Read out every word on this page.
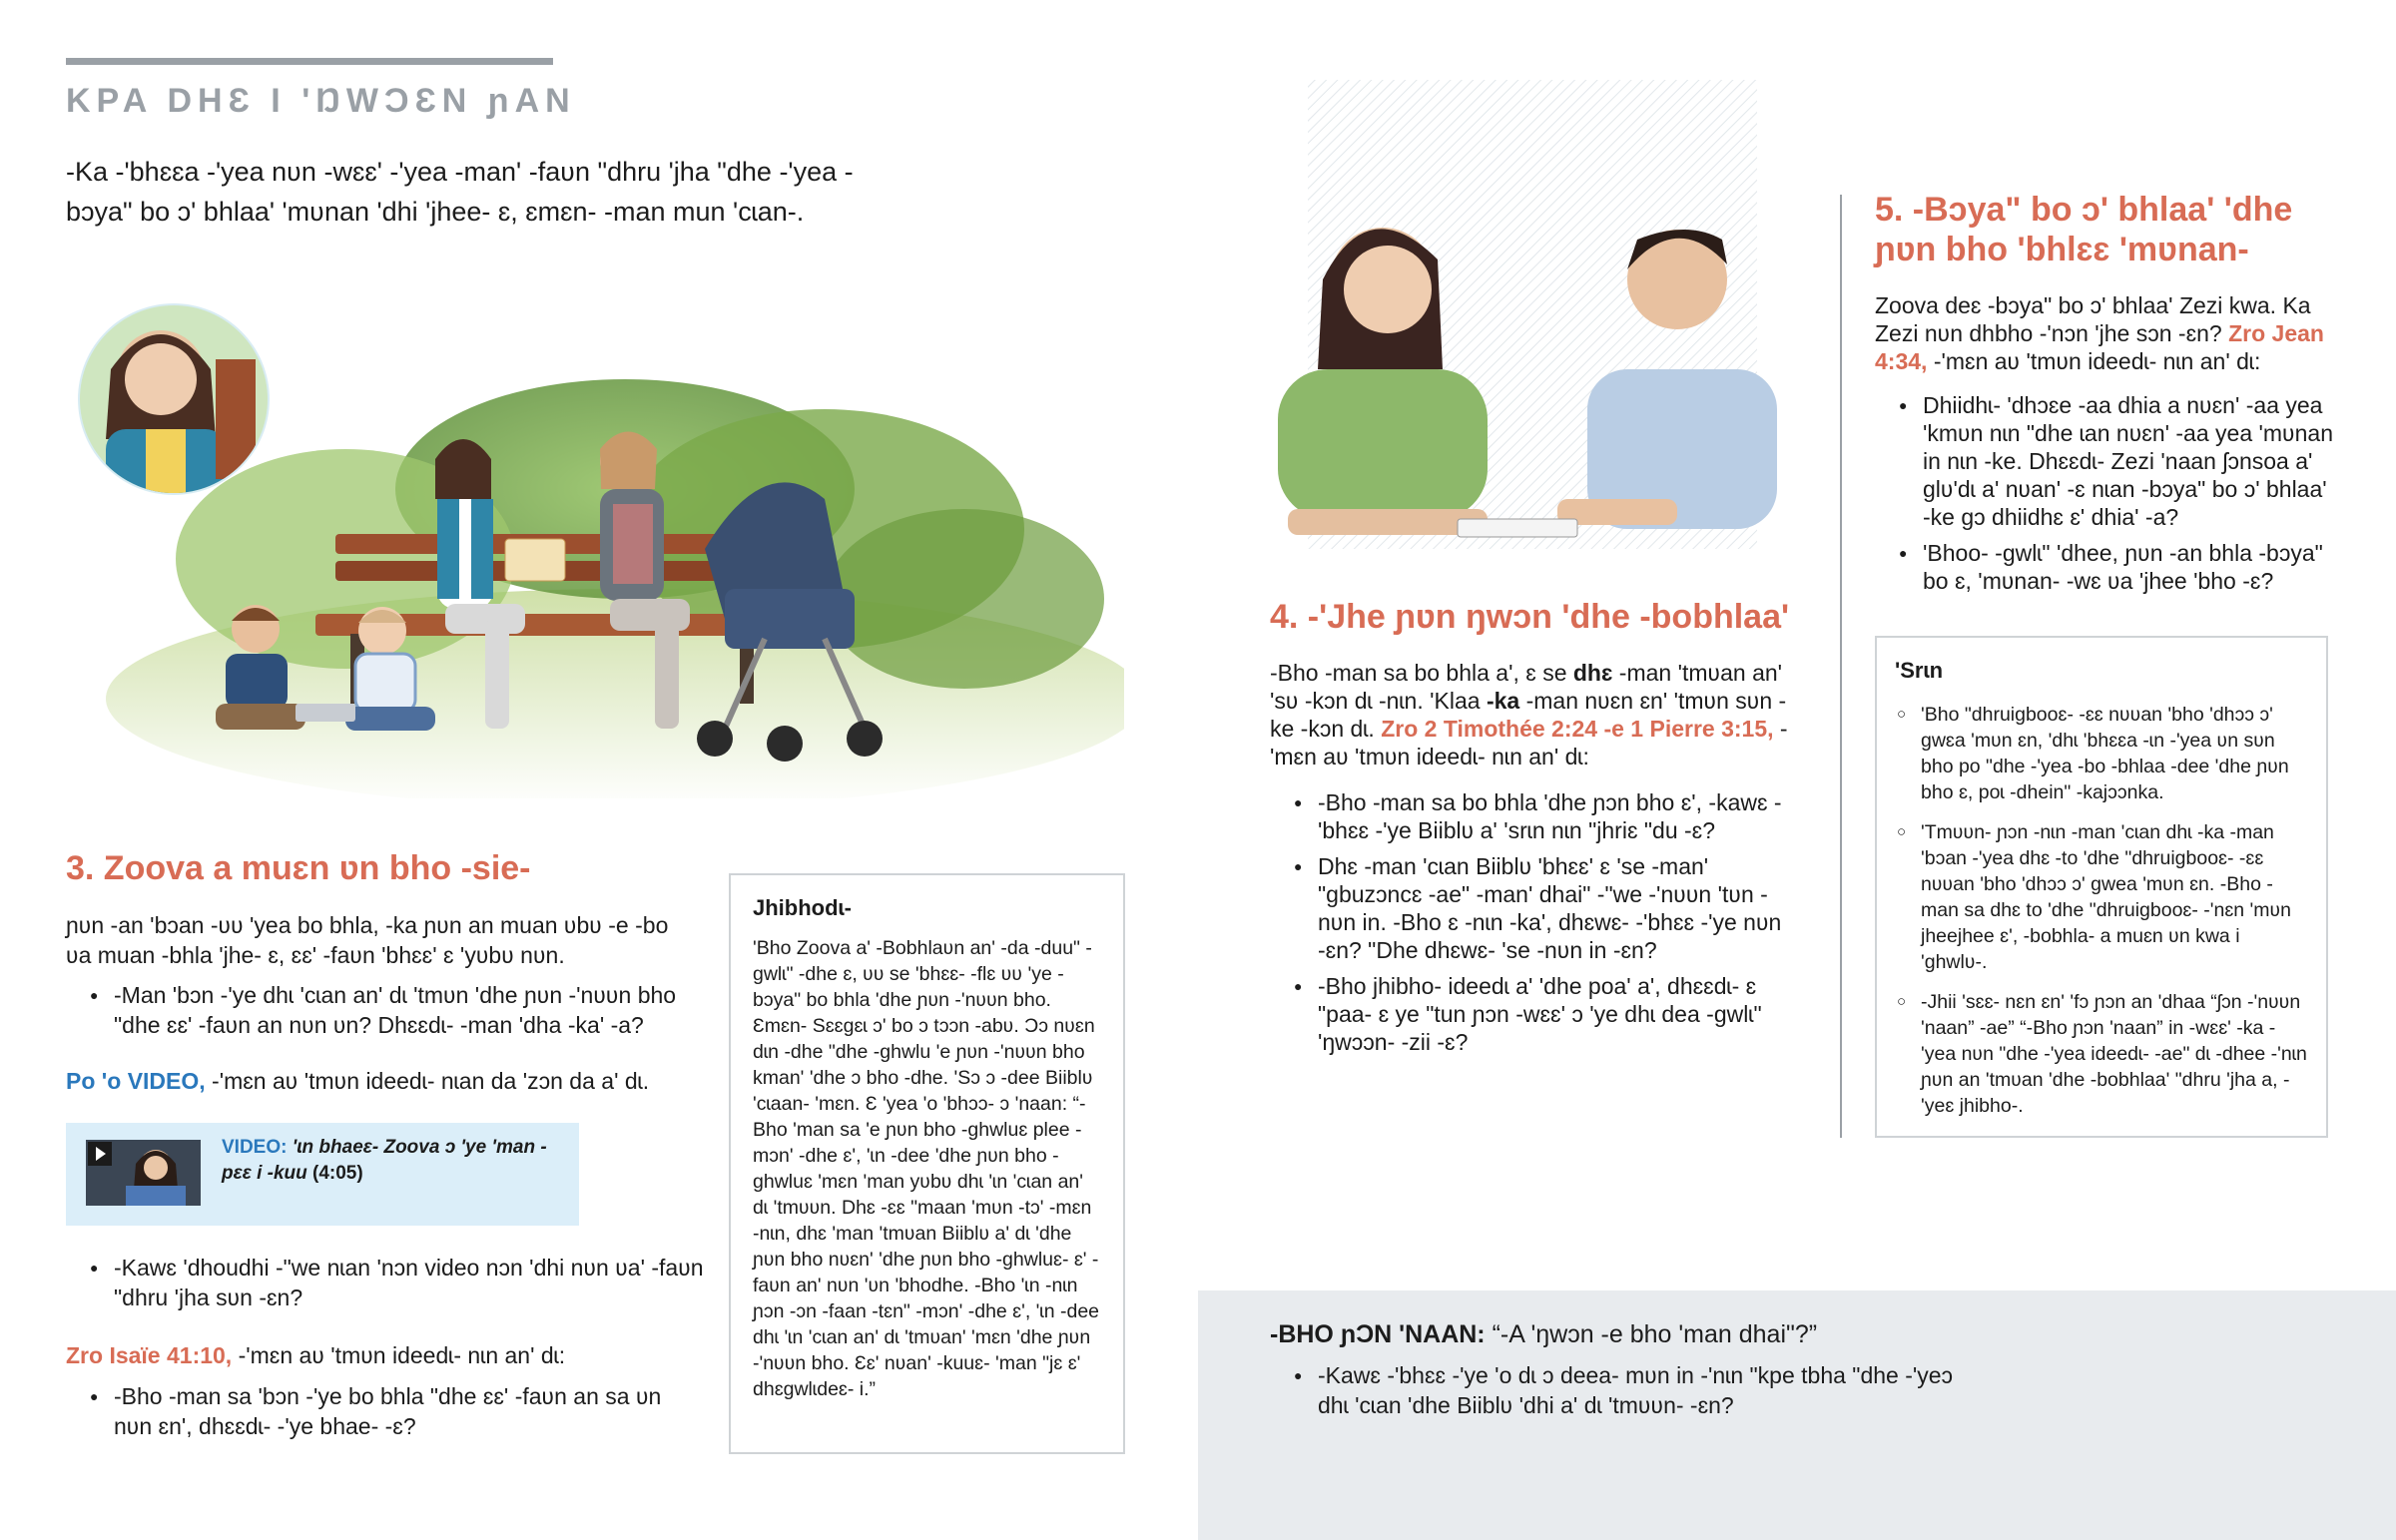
KPA DHƐ I 'ŊWƆƐN ɲAN
-Ka -'bhɛɛa -'yea nʋn -wɛɛ' -'yea -man' -faʋn "dhru 'jha "dhe -'yea -bɔya" bo ɔ' bhlaa' 'mʋnan 'dhi 'jhee- ɛ, ɛmɛn- -man mun 'cɩan-.
3. Zoova a muɛn ʋn bho -sie-
ɲʋn -an 'bɔan -ʋʋ 'yea bo bhla, -ka ɲʋn an muan ʋbʋ -e -bo ʋa muan -bhla 'jhe- ɛ, ɛɛ' -faʋn 'bhɛɛ' ɛ 'yʋbʋ nʋn.
● -Man 'bɔn -'ye dhɩ 'cɩan an' dɩ 'tmʋn 'dhe ɲʋn -'nʋʋn bho "dhe ɛɛ' -faʋn an nʋn ʋn? Dhɛɛdɩ- -man 'dha -ka' -a?
Po 'o VIDEO, -'mɛn aʋ 'tmʋn ideedɩ- nɩan da 'zɔn da a' dɩ.
VIDEO: 'ɩn bhaeɛ- Zoova ɔ 'ye 'man -pɛɛ i -kuu (4:05)
● -Kawɛ 'dhoudhi -"we nɩan 'nɔn video nɔn 'dhi nʋn ʋa' -faʋn "dhru 'jha sʋn -ɛn?
Zro Isaïe 41:10, -'mɛn aʋ 'tmʋn ideedɩ- nɩn an' dɩ:
● -Bho -man sa 'bɔn -'ye bo bhla "dhe ɛɛ' -faʋn an sa ʋn nʋn ɛn', dhɛɛdɩ- -'ye bhae- -ɛ?
Jhibhodɩ-
'Bho Zoova a' -Bobhlaʋn an' -da -duu" -gwlɩ" -dhe ɛ, ʋʋ se 'bhɛɛ- -flɛ ʋʋ 'ye -bɔya" bo bhla 'dhe ɲʋn -'nʋʋn bho. Ɛmɛn- Sɛɛgɛɩ ɔ' bo ɔ tɔɔn -abʋ. Ɔɔ nʋɛn dɩn -dhe "dhe -ghwlu 'e ɲʋn -'nʋʋn bho kman' 'dhe ɔ bho -dhe. 'Sɔ ɔ -dee Biiblʋ 'cɩaan- 'mɛn. Ɛ 'yea 'o 'bhɔɔ- ɔ 'naan: “-Bho 'man sa 'e ɲʋn bho -ghwluɛ plee -mɔn' -dhe ɛ', 'ɩn -dee 'dhe ɲʋn bho -ghwluɛ 'mɛn 'man yʋbʋ dhɩ 'ɩn 'cɩan an' dɩ 'tmʋʋn. Dhɛ -ɛɛ "maan 'mʋn -tɔ' -mɛn -nɩn, dhɛ 'man 'tmʋan Biiblʋ a' dɩ 'dhe ɲʋn bho nʋɛn' 'dhe ɲʋn bho -ghwluɛ- ɛ' -faʋn an' nʋn 'ʋn 'bhodhe. -Bho 'ɩn -nɩn ɲɔn -ɔn -faan -tɛn" -mɔn' -dhe ɛ', 'ɩn -dee dhɩ 'ɩn 'cɩan an' dɩ 'tmʋan' 'mɛn 'dhe ɲʋn -'nʋʋn bho. Ɛɛ' nʋan' -kuuɛ- 'man "jɛ ɛ' dhɛgwlɩdeɛ- i.”
4. -'Jhe ɲʋn ŋwɔn 'dhe -bobhlaa'
-Bho -man sa bo bhla a', ɛ se dhɛ -man 'tmʋan an' 'sʋ -kɔn dɩ -nɩn. 'Klaa -ka -man nʋɛn ɛn' 'tmʋn sʋn -ke -kɔn dɩ. Zro 2 Timothée 2:24 -e 1 Pierre 3:15, -'mɛn aʋ 'tmʋn ideedɩ- nɩn an' dɩ:
● -Bho -man sa bo bhla 'dhe ɲɔn bho ɛ', -kawɛ -'bhɛɛ -'ye Biiblʋ a' 'srɩn nɩn "jhriɛ "du -ɛ?
● Dhɛ -man 'cɩan Biiblʋ 'bhɛɛ' ɛ 'se -man' "gbuzɔncɛ -ae" -man' dhai" -"we -'nʋʋn 'tʋn -nʋn in. -Bho ɛ -nɩn -ka', dhɛwɛ- -'bhɛɛ -'ye nʋn -ɛn? "Dhe dhɛwɛ- 'se -nʋn in -ɛn?
● -Bho jhibho- ideedɩ a' 'dhe poa' a', dhɛɛdɩ- ɛ "paa- ɛ ye "tun ɲɔn -wɛɛ' ɔ 'ye dhɩ dea -gwlɩ" 'ŋwɔɔn- -zii -ɛ?
5. -Bɔya" bo ɔ' bhlaa' 'dhe ɲʋn bho 'bhlɛɛ 'mʋnan-
Zoova deɛ -bɔya" bo ɔ' bhlaa' Zezi kwa. Ka Zezi nʋn dhbho -'nɔn 'jhe sɔn -ɛn? Zro Jean 4:34, -'mɛn aʋ 'tmʋn ideedɩ- nɩn an' dɩ:
● Dhiidhɩ- 'dhɔɛe -aa dhia a nʋɛn' -aa yea 'kmʋn nɩn "dhe ɩan nʋɛn' -aa yea 'mʋnan in nɩn -ke. Dhɛɛdɩ- Zezi 'naan ʃɔnsoa a' glʋ'dɩ a' nʋan' -ɛ nɩan -bɔya" bo ɔ' bhlaa' -ke gɔ dhiidhɛ ɛ' dhia' -a?
● 'Bhoo- -gwlɩ" 'dhee, ɲʋn -an bhla -bɔya" bo ɛ, 'mʋnan- -wɛ ʋa 'jhee 'bho -ɛ?
'Srɩn
○ 'Bho "dhruigbooɛ- -ɛɛ nʋʋan 'bho 'dhɔɔ ɔ' gwɛa 'mʋn ɛn, 'dhɩ 'bhɛɛa -ɩn -'yea ʋn sʋn bho po "dhe -'yea -bo -bhlaa -dee 'dhe ɲʋn bho ɛ, poɩ -dhein" -kajɔɔnka.
○ 'Tmʋʋn- ɲɔn -nɩn -man 'cɩan dhɩ -ka -man 'bɔan -'yea dhɛ -to 'dhe "dhruigbooɛ- -ɛɛ nʋʋan 'bho 'dhɔɔ ɔ' gwea 'mʋn ɛn. -Bho -man sa dhɛ to 'dhe "dhruigbooɛ- -'nɛn 'mʋn jheejhee ɛ', -bobhla- a muɛn ʋn kwa i 'ghwlʋ-.
○ -Jhii 'sɛɛ- nɛn ɛn' 'fɔ ɲɔn an 'dhaa “ʃɔn -'nʋʋn 'naan” -ae” “-Bho ɲɔn 'naan” in -wɛɛ' -ka -'yea nʋn "dhe -'yea ideedɩ- -ae" dɩ -dhee -'nɩn ɲʋn an 'tmʋan 'dhe -bobhlaa' "dhru 'jha a, -'yeɛ jhibho-.
-BHO ɲƆN 'NAAN: “-A 'ŋwɔn -e bho 'man dhai"?”
● -Kawɛ -'bhɛɛ -'ye 'o dɩ ɔ deea- mʋn in -'nɩn "kpe tbha "dhe -'yeɔ dhɩ 'cɩan 'dhe Biiblʋ 'dhi a' dɩ 'tmʋʋn- -ɛn?
